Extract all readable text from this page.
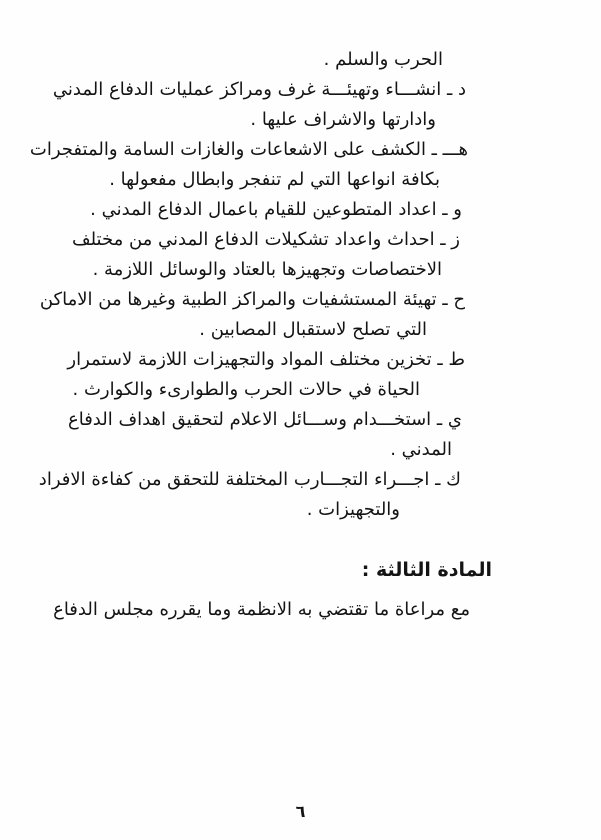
الحرب والسلم .
د ـ انشـــاء وتهيئـــة غرف ومراكز عمليات الدفاع المدني
وادارتها والاشراف عليها .
هـــ ـ الكشف على الاشعاعات والغازات السامة والمتفجرات
بكافة انواعها التي لم تنفجر وابطال مفعولها .
و ـ اعداد المتطوعين للقيام باعمال الدفاع المدني .
ز ـ احداث واعداد تشكيلات الدفاع المدني من مختلف
الاختصاصات وتجهيزها بالعتاد والوسائل اللازمة .
ح ـ تهيئة المستشفيات والمراكز الطبية وغيرها من الاماكن
التي تصلح لاستقبال المصابين .
ط ـ تخزين مختلف المواد والتجهيزات اللازمة لاستمرار
الحياة في حالات الحرب والطوارىء والكوارث .
ي ـ استخـــدام وســـائل الاعلام لتحقيق اهداف الدفاع
المدني .
ك ـ اجـــراء التجـــارب المختلفة للتحقق من كفاءة الافراد
والتجهيزات .
المادة الثالثة :
مع مراعاة ما تقتضي به الانظمة وما يقرره مجلس الدفاع
٦
